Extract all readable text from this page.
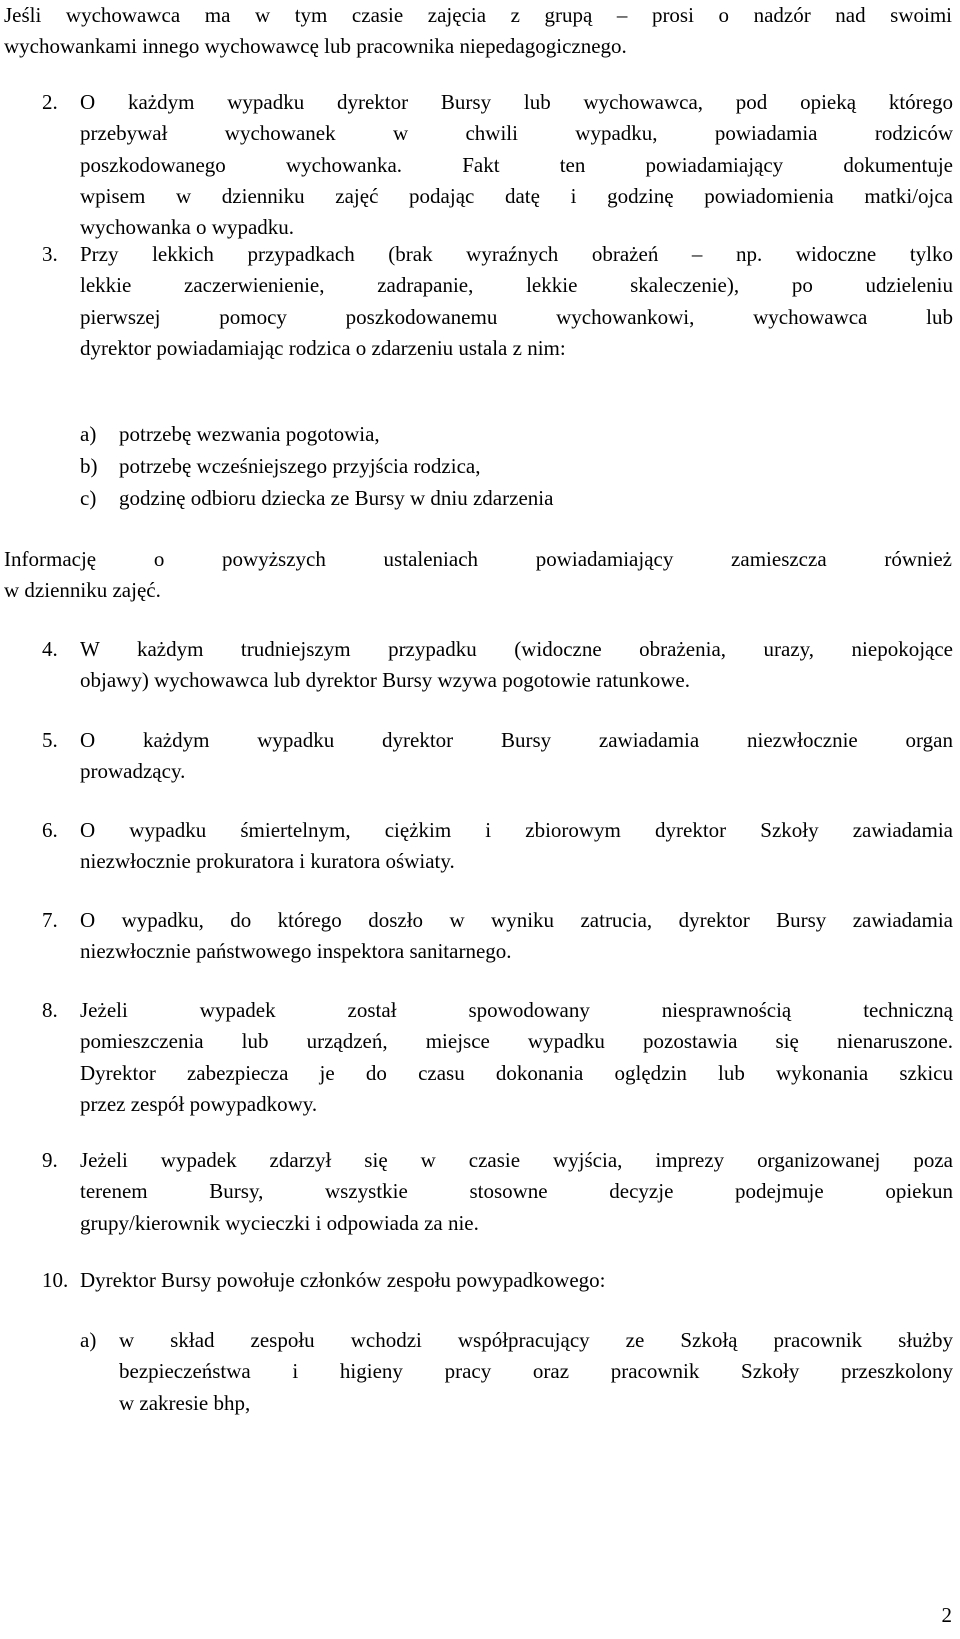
Jeśli wychowawca ma w tym czasie zajęcia z grupą – prosi o nadzór nad swoimi
wychowankami innego wychowawcę lub pracownika niepedagogicznego.
2. O każdym wypadku dyrektor Bursy lub wychowawca, pod opieką którego
przebywał wychowanek w chwili wypadku, powiadamia rodziców
poszkodowanego wychowanka. Fakt ten powiadamiający dokumentuje
wpisem w dzienniku zajęć podając datę i godzinę powiadomienia matki/ojca
wychowanka o wypadku.
3. Przy lekkich przypadkach (brak wyraźnych obrażeń – np. widoczne tylko
lekkie zaczerwienienie, zadrapanie, lekkie skaleczenie), po udzieleniu
pierwszej pomocy poszkodowanemu wychowankowi, wychowawca lub
dyrektor powiadamiając rodzica o zdarzeniu ustala z nim:
a) potrzebę wezwania pogotowia,
b) potrzebę wcześniejszego przyjścia rodzica,
c) godzinę odbioru dziecka ze Bursy w dniu zdarzenia
Informację o powyższych ustaleniach powiadamiający zamieszcza również
w dzienniku zajęć.
4. W każdym trudniejszym przypadku (widoczne obrażenia, urazy, niepokojące
objawy) wychowawca lub dyrektor Bursy wzywa pogotowie ratunkowe.
5. O każdym wypadku dyrektor Bursy zawiadamia niezwłocznie organ
prowadzący.
6. O wypadku śmiertelnym, ciężkim i zbiorowym dyrektor Szkoły zawiadamia
niezwłocznie prokuratora i kuratora oświaty.
7. O wypadku, do którego doszło w wyniku zatrucia, dyrektor Bursy zawiadamia
niezwłocznie państwowego inspektora sanitarnego.
8. Jeżeli wypadek został spowodowany niesprawnością techniczną
pomieszczenia lub urządzeń, miejsce wypadku pozostawia się nienaruszone.
Dyrektor zabezpiecza je do czasu dokonania oględzin lub wykonania szkicu
przez zespół powypadkowy.
9. Jeżeli wypadek zdarzył się w czasie wyjścia, imprezy organizowanej poza
terenem Bursy, wszystkie stosowne decyzje podejmuje opiekun
grupy/kierownik wycieczki i odpowiada za nie.
10. Dyrektor Bursy powołuje członków zespołu powypadkowego:
a) w skład zespołu wchodzi współpracujący ze Szkołą pracownik służby
bezpieczeństwa i higieny pracy oraz pracownik Szkoły przeszkolony
w zakresie bhp,
2
